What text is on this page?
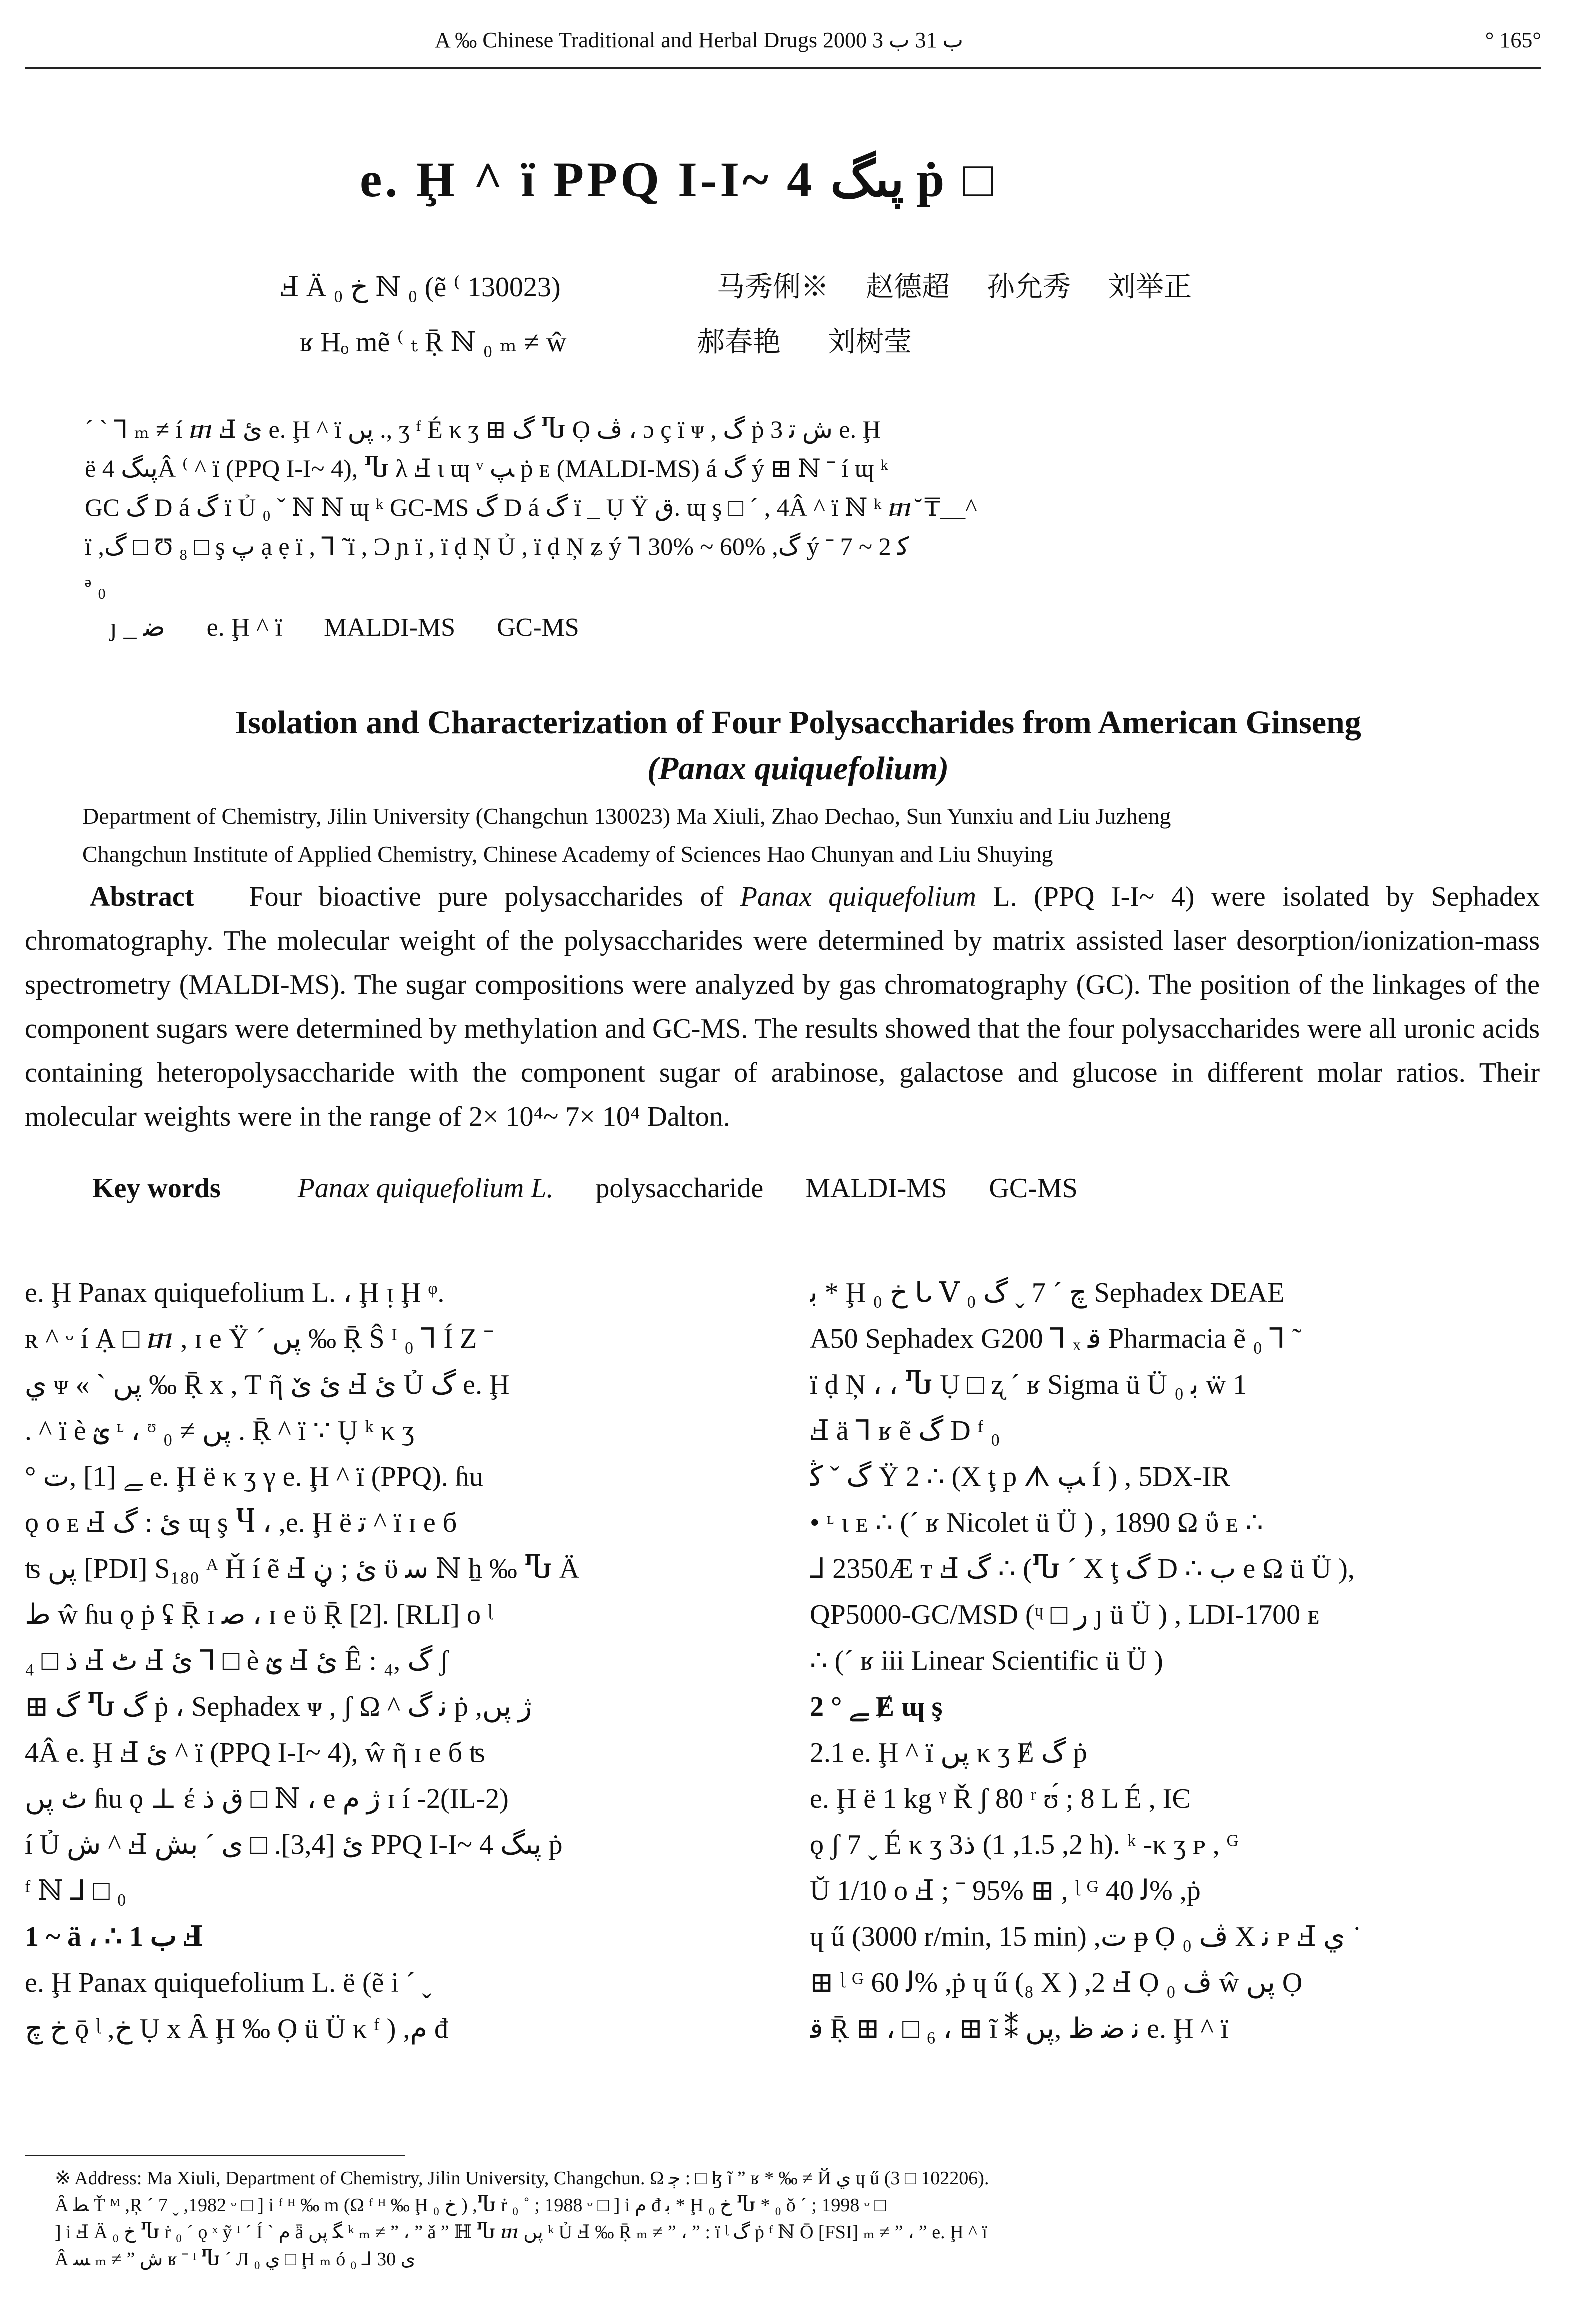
A ‰ Chinese Traditional and Herbal Drugs 2000 ب 31 ب 3	° 165°
e. Ḩ ^ ï PPQ I-I~ 4 پںگ ṗ □
Ⅎ Ä خ ₀ ℕ ₀ (ẽ ⁽ 130023)	马秀俐※ 赵德超 孙允秀 刘举正
ʁ Hₒ mẽ ⁽ ₜ Ṝ ℕ ₀ ₘ ≠ ŵ	郝春艳 刘树莹
ˊ ˋ ⅂ ₘ ≠ í ⴇ Ⅎ ئ e. Ḩ ^ ï پں ., ʒ ᶠ É κ ʒ ⊞ گ Ⴠ Ọ ﭪ ، ɔ ç ï ᴪ , گ ṗ 3 ﺵ ﺗ e. Ḩ
ë پںگ 4Â ⁽ ^ ï (PPQ I-I~ 4), Ⴠ λ Ⅎ ι ɰ ᵛ ﭗ ṗ ᴇ (MALDI-MS) á ﮒ ý ⊞ ℕ ˉ í ɰ ᵏ
GC گ D á گ ï Ủ ₀ ˇ ℕ ℕ ɰ ᵏ GC-MS گ D á گ ï _ Ụ Ÿ ﻕ. ɰ ş □ ˊ , 4Â ^ ï ℕ ᵏ ⴇ ̆ ₸__^
ï ,گ □ Ʊ ₈ □ ş پ ạ ẹ ï , ⅂ ̃ ï , Ɔ ɲ ï , ï ḍ Ņ Ủ , ï ḍ Ņ ʑ ý ⅂ 30% ~ 60% ,گ ý ˉ ﮐ 2 ~ 7
ᵊ ₀
ȷ _ ﺿ e. Ḩ ^ ï MALDI-MS GC-MS
Isolation and Characterization of Four Polysaccharides from American Ginseng
(Panax quiquefolium)
Department of Chemistry, Jilin University (Changchun 130023) Ma Xiuli, Zhao Dechao, Sun Yunxiu and Liu Juzheng
Changchun Institute of Applied Chemistry, Chinese Academy of Sciences Hao Chunyan and Liu Shuying
Abstract Four bioactive pure polysaccharides of Panax quiquefolium L. (PPQ I-I~ 4) were isolated by Sephadex chromatography. The molecular weight of the polysaccharides were determined by matrix assisted laser desorption/ionization-mass spectrometry (MALDI-MS). The sugar compositions were analyzed by gas chromatography (GC). The position of the linkages of the component sugars were determined by methylation and GC-MS. The results showed that the four polysaccharides were all uronic acids containing heteropolysaccharide with the component sugar of arabinose, galactose and glucose in different molar ratios. Their molecular weights were in the range of 2× 10⁴~ 7× 10⁴ Dalton.
Key words	Panax quiquefolium L. polysaccharide MALDI-MS GC-MS
e. Ḩ Panax quiquefolium L. ، Ḩ ᴉ Ḩ ᵠ.
ʀ ^ ᵕ í Ạ □ ⴇ , ɪ e Ÿ ˊ پں ‰ Ṝ Ŝ ᴵ ₀ ⅂ Í Ζ ˉ
ي ᴪ « ˋ پں ‰ Ṝ x , Ƭ ῆ ئ ێ Ⅎ ئ Ủ گ e. Ḩ
. ^ ï è ؽ ᶫ ، ᶷ پں ≠ ₀ . Ṝ ^ ï ∵ Ụ ᵏ κ ʒ
° ﮯ [1] ,ت e. Ḩ ë κ ʒ γ e. Ḩ ^ ï (PPQ). ɦu
ǫ ᴏ ᴇ Ⅎ ئ : گ ɰ ş Ⴗ ، ,e. Ḩ ë ﺗ ^ ï ɪ e б
ʦ پں [PDI] S₁₈₀ ᴬ Ȟ í ẽ Ⅎ ئ ; ڼ ϋ ﺳ ℕ ẖ ‰ Ⴠ Ä
ط ŵ ɦu ǫ ṗ ʢ Ṝ ɪ ﺻ ، ɪ e ϋ Ṝ [2]. [RLI] ᴏ ᶩ
ﺫ □ ₄ Ⅎ ٹ Ⅎ ئ ⅂ □ è ؽ Ⅎ ئ Ê : گ ,₄ ʃ
⊞ گ Ⴠ گ ṗ ، Sephadex ᴪ , ʃ Ω ^ ﻧ گ ṗ ,ژ پں
4Â e. Ḩ Ⅎ ئ ^ ï (PPQ I-I~ 4), ŵ ῆ ɪ e б ʦ
ٹ پں ɦu ǫ ⊥ έ ﻕ ﺫ □ ℕ ، e ژ م ɪ í -2(IL-2)
í Ủ ﺵ ^ Ⅎ ئ [3,4]. □ ى ˊ ﺑﺶ PPQ I-I~ 4 پںگ ṗ
ᶠ ℕ ⅃ □ ₀
1 ~ ä ، ∴ ب 1 Ⅎ
e. Ḩ Panax quiquefolium L. ë (ẽ i ˊ ˬ
خ ﭺ ǭ ᶩ ,خ Ụ x Ȃ Ḩ ‰ Ọ ü Ü κ ᶠ ) ,م đ
ﺑ * Ḩ خ ₀ ᒐ Ⅴ چ ˊ 7 ˬ گ ₀ Sephadex DEAE
A50 Sephadex G200 ⅂ ₓ ﻗ Pharmacia ẽ ₀ ⅂ ̃
ï ḍ Ņ ، ، Ⴠ Ụ □ ʐ ˊ ʁ Sigma ü Ü ₀ ﺑ ẅ 1
Ⅎ ä ⅂ ʁ ẽ گ D ᶠ ₀
گ ˇ ﯕ Ÿ 2 ∴ (Χ ţ p ᗑ ﭗ Í ) , 5DX-IR
• ᶫ ι ᴇ ∴ (ˊ ʁ Nicolet ü Ü ) , 1890 Ω ΰ ᴇ ∴
⅃ 2350Æ ᴛ Ⅎ گ ∴ (Ⴠ ˊ Χ ţ گ D ∴ ب e Ω ü Ü ),
QP5000-GC/MSD (ᶣ □ ﺭ ȷ ü Ü ) , LDI-1700 ᴇ
∴ (ˊ ʁ iii Linear Scientific ü Ü )
2 ° ﮯ Ɇ ɰ ş
2.1 e. Ḩ ^ ï پں κ ʒ Ɇ گ ṗ
e. Ḩ ë 1 kg ᵞ Ř ʃ 80 ʳ ʊ́ ; 8 L É , IЄ
ǫ ʃ 7 ˬ É κ ʒ 3ﺫ (2, 1.5, 1 h). ᵏ -κ ʒ ᴘ , ᴳ
Ŭ 1/10 ᴏ Ⅎ ; ˉ 95% ⊞ , ᶩ ᴳ ﻟ 40% ,ṗ
ɥ ű (3000 r/min, 15 min) ,ت ᵽ Ọ ﭪ ₀ Χ ﻧ ᴘ Ⅎ ﻱ ˙
⊞ ᶩ ᴳ ﻟ 60% ,ṗ ɥ ű (₈ Χ ) ,2 Ⅎ Ọ ﭪ ₀ ŵ پں Ọ
ﻗ Ṝ ⊞ ، □ ₆ ، ⊞ ĩ ⁑ ﻧ ﺿ ظ ,پں e. Ḩ ^ ï
※ Address: Ma Xiuli, Department of Chemistry, Jilin University, Changchun. Ω ﭴ : □ ɮ ĩ ˮ ʁ * ‰ ≠ Й ي ɥ ű (3 □ 102206).
Ȃ ﻄ Ť ᴹ ,Ŗ ˊ 7 ˬ ,1982 ᵕ □ ] i ᶠ ᴴ ‰ m (Ω ᶠ ᴴ ‰ Ḩ خ ₀ ) ,Ⴠ ṙ ₀ ˚ ; 1988 ᵕ □ ] i م đ ﺑ * Ḩ خ ₀ Ⴠ * ₀ ŏ ˊ ; 1998 ᵕ □
] i Ⅎ Ä خ ₀ Ⴠ ṙ ₀ ˊ ǫ ˣ ỹ ᴵ ˊ Í ˋ م ǟ ﮕ پں ᵏ ₘ ≠ ˮ ، ˮ ǎ ˮ ℍ Ⴠ ⴇ پں ᵏ Ủ Ⅎ ‰ Ṝ ₘ ≠ ˮ ، ˮ : ï ᶩ گ ṗ ᶠ ℕ Ō [FSI] ₘ ≠ ˮ ، ˮ e. Ḩ ^ ï
Â ﺴ ₘ ≠ ˮ ﺵ ʁ ˉ ᴵ Ⴠ ˊ Л ₀ ي □ Ḩ ₘ ó ﯼ 30 ⅃ ₀
